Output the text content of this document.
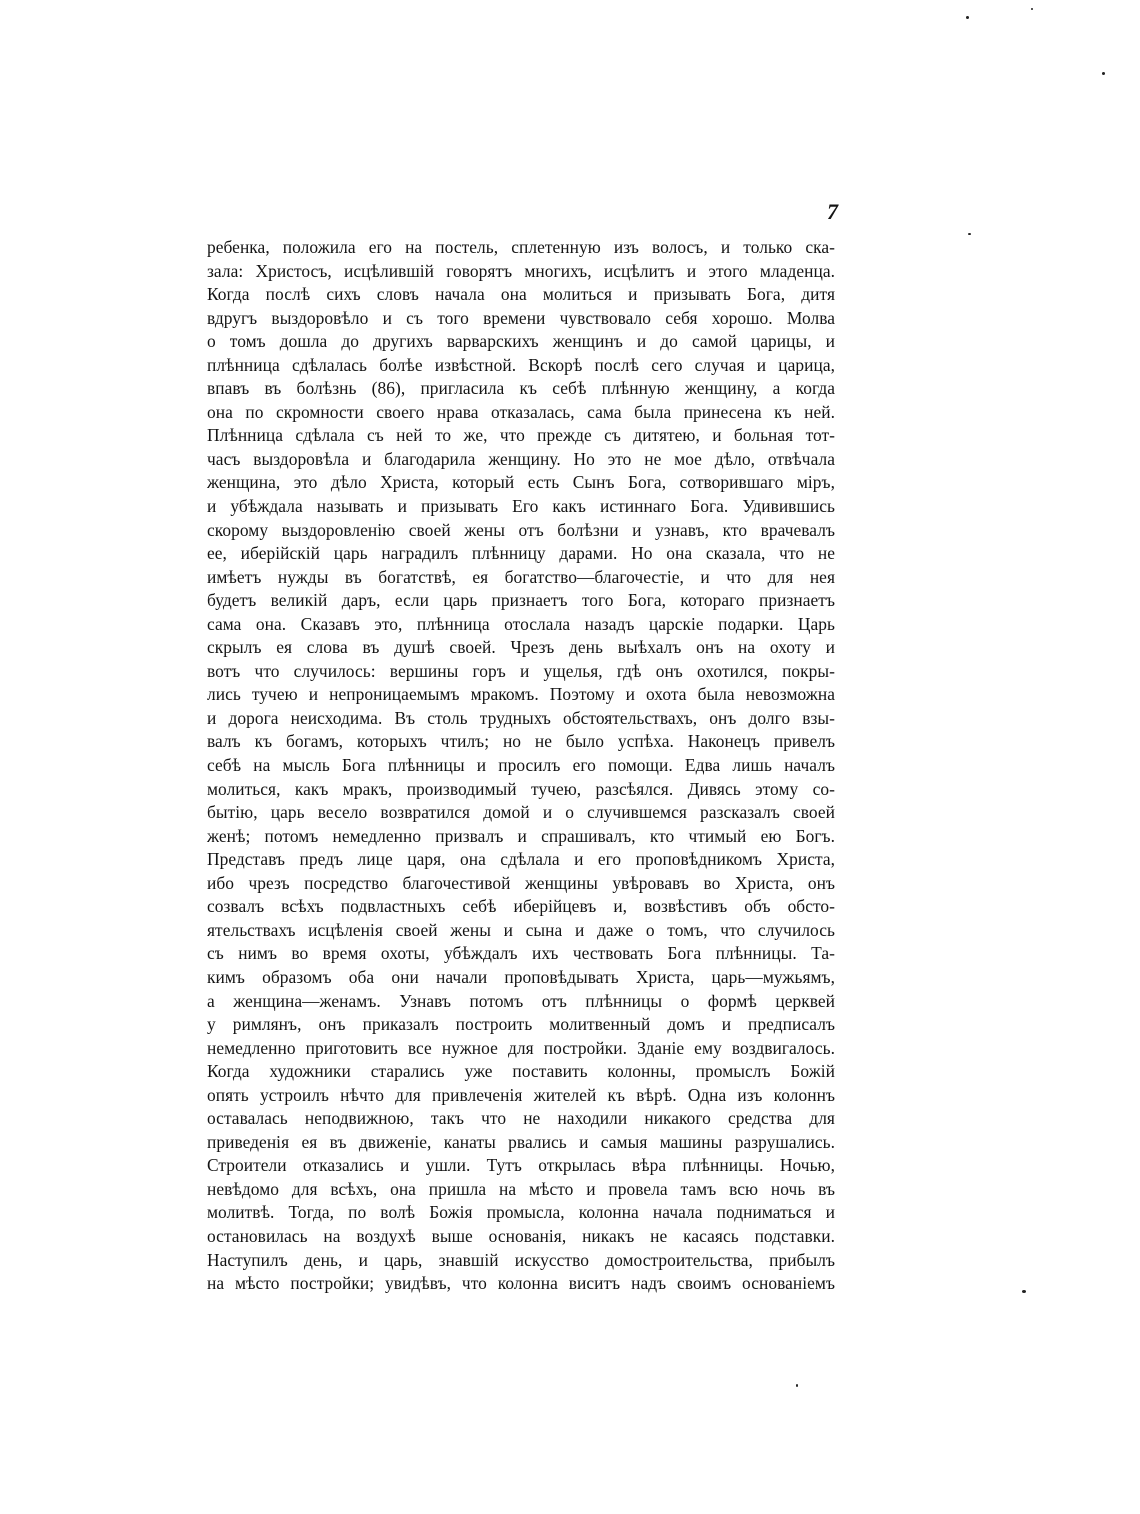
7
ребенка, положила его на постель, сплетенную изъ волосъ, и только ска-
зала: Христосъ, исцѣлившій говорятъ многихъ, исцѣлитъ и этого младенца.
Когда послѣ сихъ словъ начала она молиться и призывать Бога, дитя
вдругъ выздоровѣло и съ того времени чувствовало себя хорошо. Молва
о томъ дошла до другихъ варварскихъ женщинъ и до самой царицы, и
плѣнница сдѣлалась болѣе извѣстной. Вскорѣ послѣ сего случая и царица,
впавъ въ болѣзнь (86), пригласила къ себѣ плѣнную женщину, а когда
она по скромности своего нрава отказалась, сама была принесена къ ней.
Плѣнница сдѣлала съ ней то же, что прежде съ дитятею, и больная тот-
часъ выздоровѣла и благодарила женщину. Но это не мое дѣло, отвѣчала
женщина, это дѣло Христа, который есть Сынъ Бога, сотворившаго міръ,
и убѣждала называть и призывать Его какъ истиннаго Бога. Удивившись
скорому выздоровленію своей жены отъ болѣзни и узнавъ, кто врачевалъ
ее, иберійскій царь наградилъ плѣнницу дарами. Но она сказала, что не
имѣетъ нужды въ богатствѣ, ея богатство—благочестіе, и что для нея
будетъ великій даръ, если царь признаетъ того Бога, котораго признаетъ
сама она. Сказавъ это, плѣнница отослала назадъ царскіе подарки. Царь
скрылъ ея слова въ душѣ своей. Чрезъ день выѣхалъ онъ на охоту и
вотъ что случилось: вершины горъ и ущелья, гдѣ онъ охотился, покры-
лись тучею и непроницаемымъ мракомъ. Поэтому и охота была невозможна
и дорога неисходима. Въ столь трудныхъ обстоятельствахъ, онъ долго взы-
валъ къ богамъ, которыхъ чтилъ; но не было успѣха. Наконецъ привелъ
себѣ на мысль Бога плѣнницы и просилъ его помощи. Едва лишь началъ
молиться, какъ мракъ, производимый тучею, разсѣялся. Дивясь этому со-
бытію, царь весело возвратился домой и о случившемся разсказалъ своей
женѣ; потомъ немедленно призвалъ и спрашивалъ, кто чтимый ею Богъ.
Представъ предъ лице царя, она сдѣлала и его проповѣдникомъ Христа,
ибо чрезъ посредство благочестивой женщины увѣровавъ во Христа, онъ
созвалъ всѣхъ подвластныхъ себѣ иберійцевъ и, возвѣстивъ объ обсто-
ятельствахъ исцѣленія своей жены и сына и даже о томъ, что случилось
съ нимъ во время охоты, убѣждалъ ихъ чествовать Бога плѣнницы. Та-
кимъ образомъ оба они начали проповѣдывать Христа, царь—мужьямъ,
а женщина—женамъ. Узнавъ потомъ отъ плѣнницы о формѣ церквей
у римлянъ, онъ приказалъ построить молитвенный домъ и предписалъ
немедленно приготовить все нужное для постройки. Зданіе ему воздвигалось.
Когда художники старались уже поставить колонны, промыслъ Божій
опять устроилъ нѣчто для привлеченія жителей къ вѣрѣ. Одна изъ колоннъ
оставалась неподвижною, такъ что не находили никакого средства для
приведенія ея въ движеніе, канаты рвались и самыя машины разрушались.
Строители отказались и ушли. Тутъ открылась вѣра плѣнницы. Ночью,
невѣдомо для всѣхъ, она пришла на мѣсто и провела тамъ всю ночь въ
молитвѣ. Тогда, по волѣ Божія промысла, колонна начала подниматься и
остановилась на воздухѣ выше основанія, никакъ не касаясь подставки.
Наступилъ день, и царь, знавшій искусство домостроительства, прибылъ
на мѣсто постройки; увидѣвъ, что колонна виситъ надъ своимъ основаніемъ
